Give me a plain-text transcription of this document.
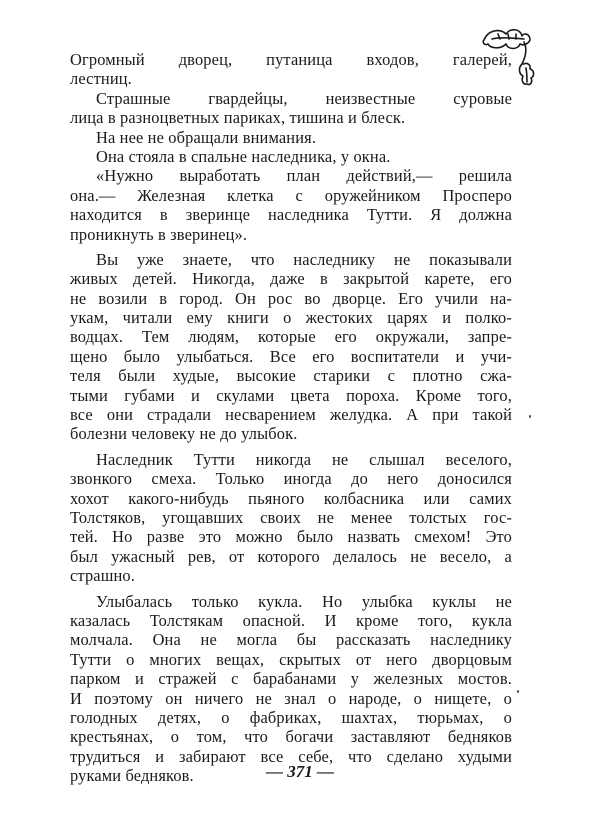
Огромный дворец, путаница входов, галерей,
лестниц.
Страшные гвардейцы, неизвестные суровые
лица в разноцветных париках, тишина и блеск.
На нее не обращали внимания.
Она стояла в спальне наследника, у окна.
«Нужно выработать план действий,— решила
она.— Железная клетка с оружейником Просперо
находится в зверинце наследника Тутти. Я должна
проникнуть в зверинец».
Вы уже знаете, что наследнику не показывали
живых детей. Никогда, даже в закрытой карете, его
не возили в город. Он рос во дворце. Его учили на-
укам, читали ему книги о жестоких царях и полко-
водцах. Тем людям, которые его окружали, запре-
щено было улыбаться. Все его воспитатели и учи-
теля были худые, высокие старики с плотно сжа-
тыми губами и скулами цвета пороха. Кроме того,
все они страдали несварением желудка. А при такой
болезни человеку не до улыбок.
Наследник Тутти никогда не слышал веселого,
звонкого смеха. Только иногда до него доносился
хохот какого-нибудь пьяного колбасника или самих
Толстяков, угощавших своих не менее толстых гос-
тей. Но разве это можно было назвать смехом! Это
был ужасный рев, от которого делалось не весело, а
страшно.
Улыбалась только кукла. Но улыбка куклы не
казалась Толстякам опасной. И кроме того, кукла
молчала. Она не могла бы рассказать наследнику
Тутти о многих вещах, скрытых от него дворцовым
парком и стражей с барабанами у железных мостов.
И поэтому он ничего не знал о народе, о нищете, о
голодных детях, о фабриках, шахтах, тюрьмах, о
крестьянах, о том, что богачи заставляют бедняков
трудиться и забирают все себе, что сделано худыми
руками бедняков.	— 371 —
